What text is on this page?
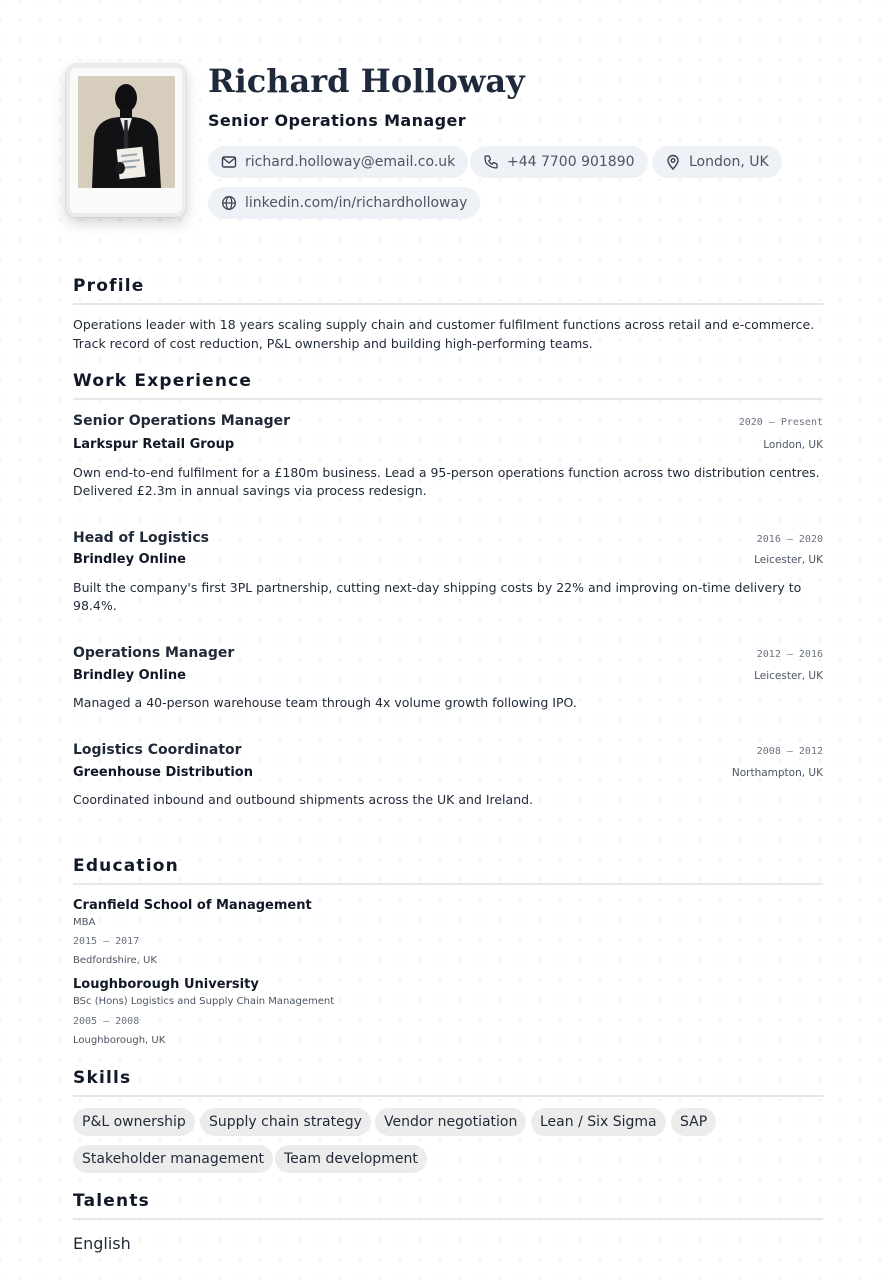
Richard Holloway
Senior Operations Manager
richard.holloway@email.co.uk	+44 7700 901890	London, UK
linkedin.com/in/richardholloway
Profile

Operations leader with 18 years scaling supply chain and customer fulfilment functions across retail and e-commerce. Track record of cost reduction, P&L ownership and building high-performing teams.

Work Experience
Senior Operations Manager	2020 — Present
Larkspur Retail Group	London, UK

Own end-to-end fulfilment for a £180m business. Lead a 95-person operations function across two distribution centres. Delivered £2.3m in annual savings via process redesign.

Head of Logistics	2016 — 2020
Brindley Online	Leicester, UK

Built the company's first 3PL partnership, cutting next-day shipping costs by 22% and improving on-time delivery to 98.4%.

Operations Manager	2012 — 2016
Brindley Online	Leicester, UK

Managed a 40-person warehouse team through 4x volume growth following IPO.

Logistics Coordinator	2008 — 2012
Greenhouse Distribution	Northampton, UK

Coordinated inbound and outbound shipments across the UK and Ireland.

Education
Cranfield School of Management
MBA
2015 — 2017
Bedfordshire, UK
Loughborough University
BSc (Hons) Logistics and Supply Chain Management
2005 — 2008
Loughborough, UK
Skills
P&L ownership	Supply chain strategy	Vendor negotiation	Lean / Six Sigma	SAP
Stakeholder management	Team development
Talents
English
